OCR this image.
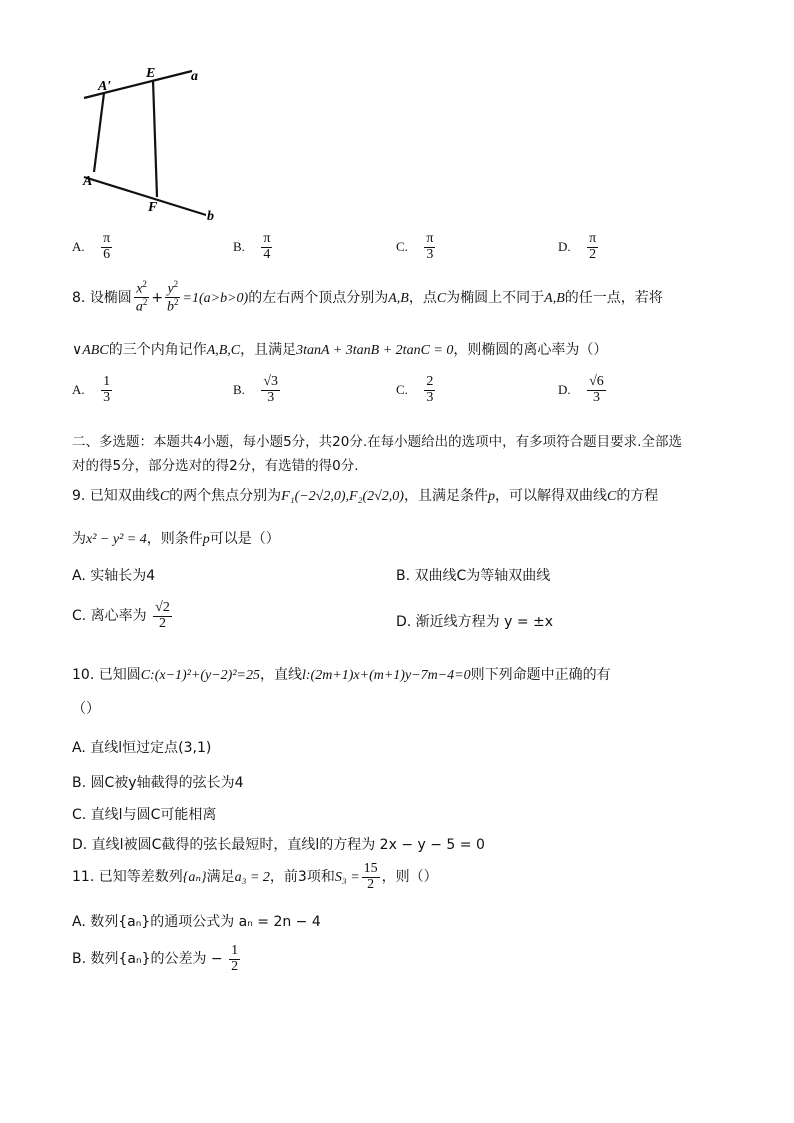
A′
E	a
A
F
b
A. $\frac{\pi}{6}$	B. $\frac{\pi}{4}$	C. $\frac{\pi}{3}$	D. $\frac{\pi}{2}$
8. 设椭圆 $\frac{x^2}{a^2} + \frac{y^2}{b^2} =1(a>b>0)$的左右两个顶点分别为A,B，点C为椭圆上不同于A,B的任一点，若将
∨ABC的三个内角记作A,B,C，且满足3tanA + 3tanB + 2tanC = 0，则椭圆的离心率为（）
A. $\frac{1}{3}$	B. $\frac{√3}{3}$	C. $\frac{2}{3}$	D. $\frac{√6}{3}$
二、多选题：本题共4小题，每小题5分，共20分.在每小题给出的选项中，有多项符合题目要求.全部选
对的得5分，部分选对的得2分，有选错的得0分.
9. 已知双曲线C的两个焦点分别为F₁(−2√2,0),F₂(2√2,0)，且满足条件p，可以解得双曲线C的方程
为x² − y² = 4，则条件p可以是（）
A. 实轴长为4	B. 双曲线C为等轴双曲线
C. 离心率为 $\frac{√2}{2}$	D. 渐近线方程为 y = ±x
10. 已知圆C:(x−1)²+(y−2)²=25，直线l:(2m+1)x+(m+1)y−7m−4=0则下列命题中正确的有
（）
A. 直线l恒过定点(3,1)
B. 圆C被y轴截得的弦长为4
C. 直线l与圆C可能相离
D. 直线l被圆C截得的弦长最短时，直线l的方程为 2x − y − 5 = 0
11. 已知等差数列{aₙ}满足a₃ = 2，前3项和$S_3 = \frac{15}{2}$ ，则（）
A. 数列{aₙ}的通项公式为 aₙ = 2n − 4
B. 数列{aₙ}的公差为 − $\frac{1}{2}$
